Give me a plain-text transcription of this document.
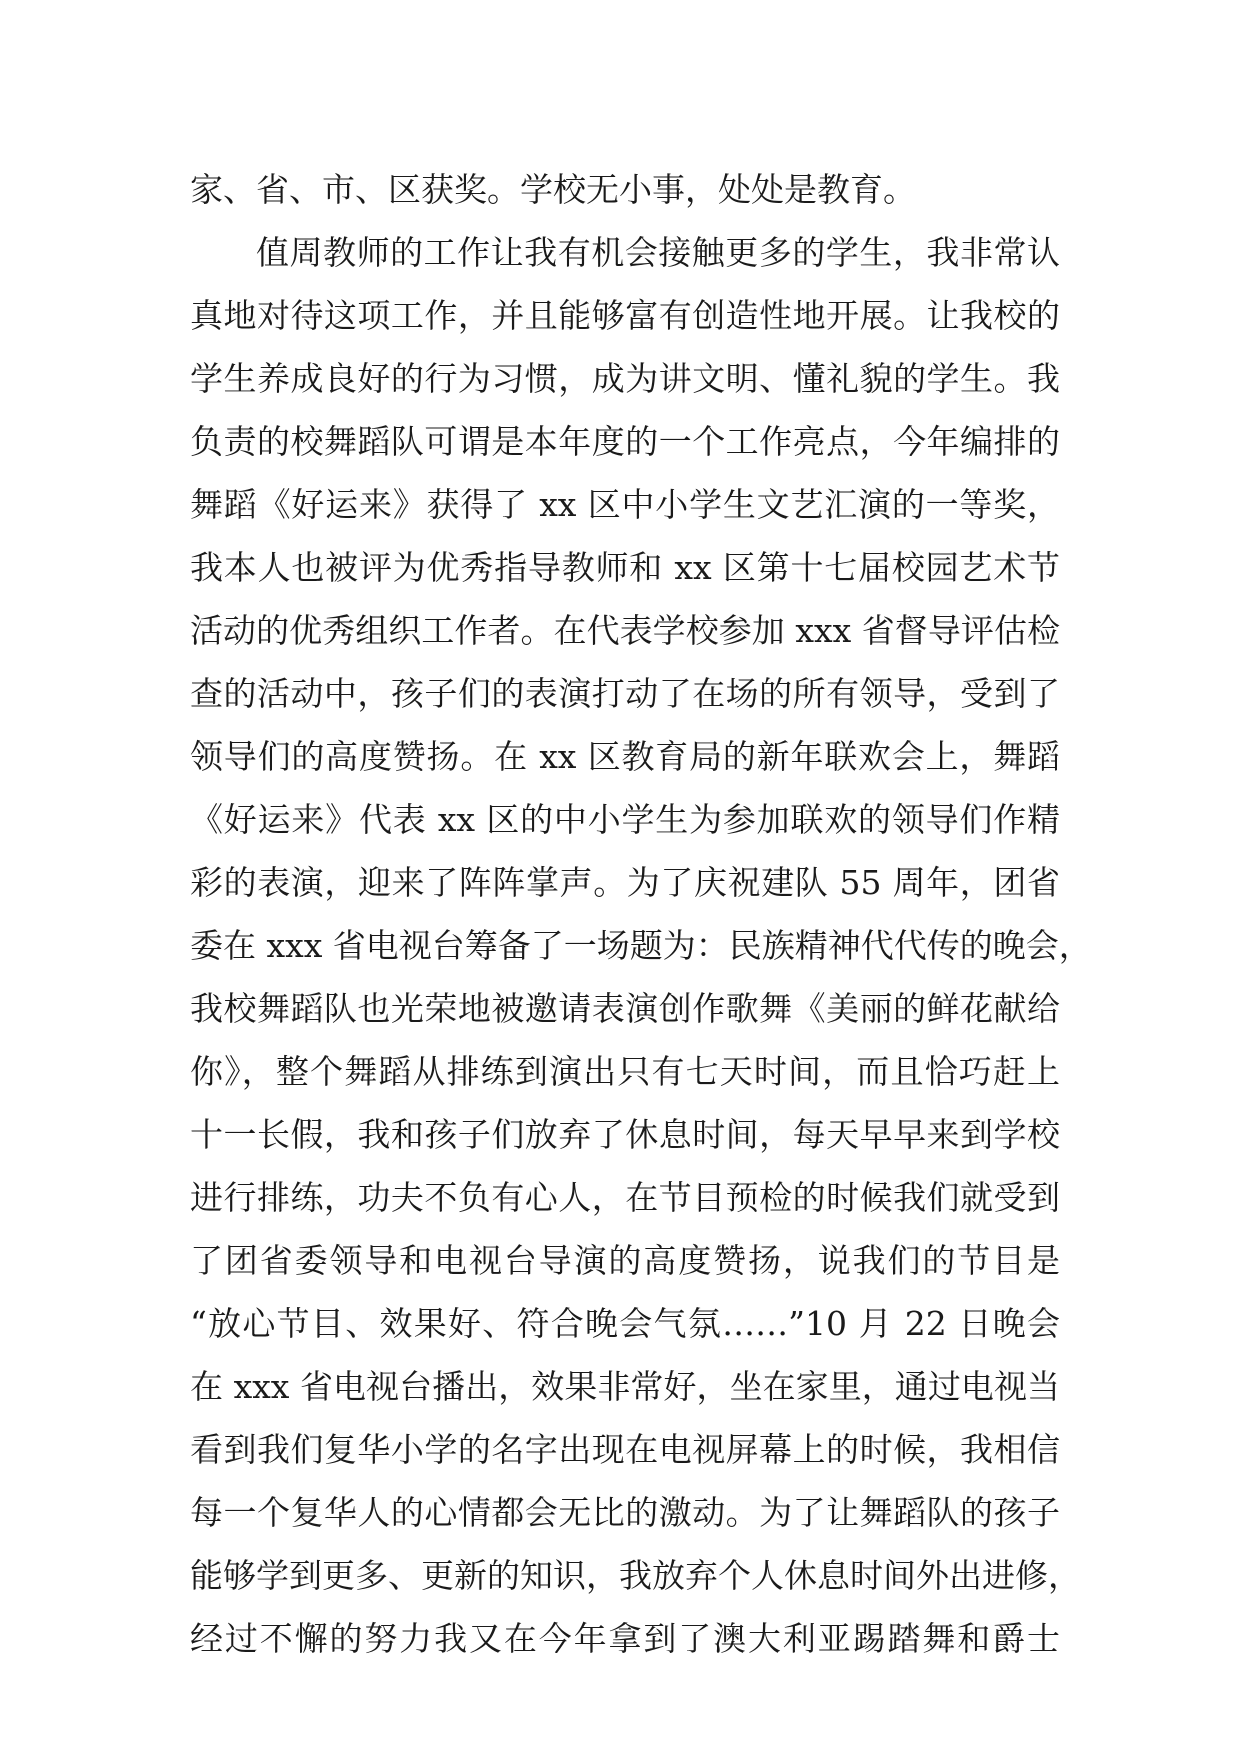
家、省、市、区获奖。学校无小事，处处是教育。
值周教师的工作让我有机会接触更多的学生，我非常认
真地对待这项工作，并且能够富有创造性地开展。让我校的
学生养成良好的行为习惯，成为讲文明、懂礼貌的学生。我
负责的校舞蹈队可谓是本年度的一个工作亮点，今年编排的
舞蹈《好运来》获得了 xx 区中小学生文艺汇演的一等奖，
我本人也被评为优秀指导教师和 xx 区第十七届校园艺术节
活动的优秀组织工作者。在代表学校参加 xxx 省督导评估检
查的活动中，孩子们的表演打动了在场的所有领导，受到了
领导们的高度赞扬。在 xx 区教育局的新年联欢会上，舞蹈
《好运来》代表 xx 区的中小学生为参加联欢的领导们作精
彩的表演，迎来了阵阵掌声。为了庆祝建队 55 周年，团省
委在 xxx 省电视台筹备了一场题为：民族精神代代传的晚会，
我校舞蹈队也光荣地被邀请表演创作歌舞《美丽的鲜花献给
你》，整个舞蹈从排练到演出只有七天时间，而且恰巧赶上
十一长假，我和孩子们放弃了休息时间，每天早早来到学校
进行排练，功夫不负有心人，在节目预检的时候我们就受到
了团省委领导和电视台导演的高度赞扬，说我们的节目是
“放心节目、效果好、符合晚会气氛……”10 月 22 日晚会
在 xxx 省电视台播出，效果非常好，坐在家里，通过电视当
看到我们复华小学的名字出现在电视屏幕上的时候，我相信
每一个复华人的心情都会无比的激动。为了让舞蹈队的孩子
能够学到更多、更新的知识，我放弃个人休息时间外出进修，
经过不懈的努力我又在今年拿到了澳大利亚踢踏舞和爵士
